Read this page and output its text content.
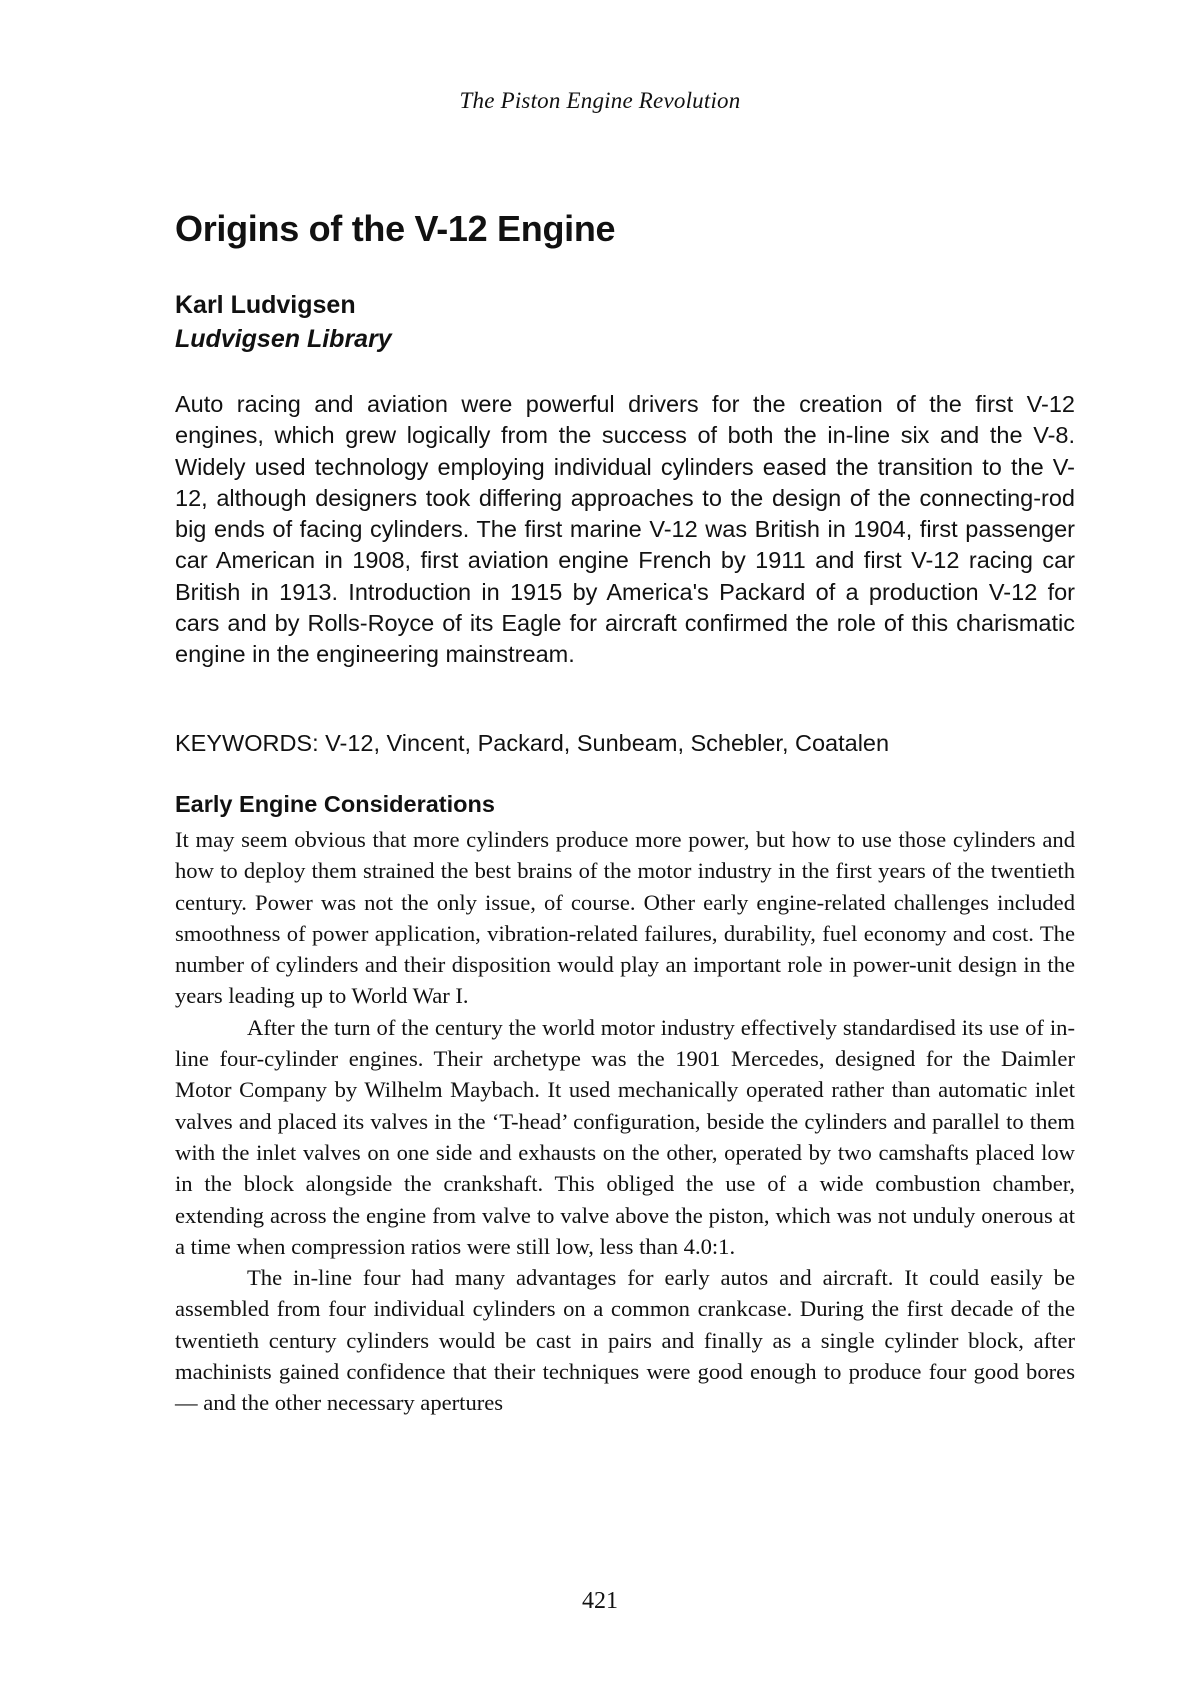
The Piston Engine Revolution
Origins of the V-12 Engine
Karl Ludvigsen
Ludvigsen Library

Auto racing and aviation were powerful drivers for the creation of the first V-12 engines, which grew logically from the success of both the in-line six and the V-8. Widely used technology employing individual cylinders eased the transition to the V-12, although designers took differing approaches to the design of the connecting-rod big ends of facing cylinders. The first marine V-12 was British in 1904, first passenger car American in 1908, first aviation engine French by 1911 and first V-12 racing car British in 1913. Introduction in 1915 by America's Packard of a production V-12 for cars and by Rolls-Royce of its Eagle for aircraft confirmed the role of this charismatic engine in the engineering mainstream.

KEYWORDS: V-12, Vincent, Packard, Sunbeam, Schebler, Coatalen

Early Engine Considerations

It may seem obvious that more cylinders produce more power, but how to use those cylinders and how to deploy them strained the best brains of the motor industry in the first years of the twentieth century. Power was not the only issue, of course. Other early engine-related challenges included smoothness of power application, vibration-related failures, durability, fuel economy and cost. The number of cylinders and their disposition would play an important role in power-unit design in the years leading up to World War I.

After the turn of the century the world motor industry effectively standardised its use of in-line four-cylinder engines. Their archetype was the 1901 Mercedes, designed for the Daimler Motor Company by Wilhelm Maybach. It used mechanically operated rather than automatic inlet valves and placed its valves in the ‘T-head’ configuration, beside the cylinders and parallel to them with the inlet valves on one side and exhausts on the other, operated by two camshafts placed low in the block alongside the crankshaft. This obliged the use of a wide combustion chamber, extending across the engine from valve to valve above the piston, which was not unduly onerous at a time when compression ratios were still low, less than 4.0:1.

The in-line four had many advantages for early autos and aircraft. It could easily be assembled from four individual cylinders on a common crankcase. During the first decade of the twentieth century cylinders would be cast in pairs and finally as a single cylinder block, after machinists gained confidence that their techniques were good enough to produce four good bores — and the other necessary apertures

421
